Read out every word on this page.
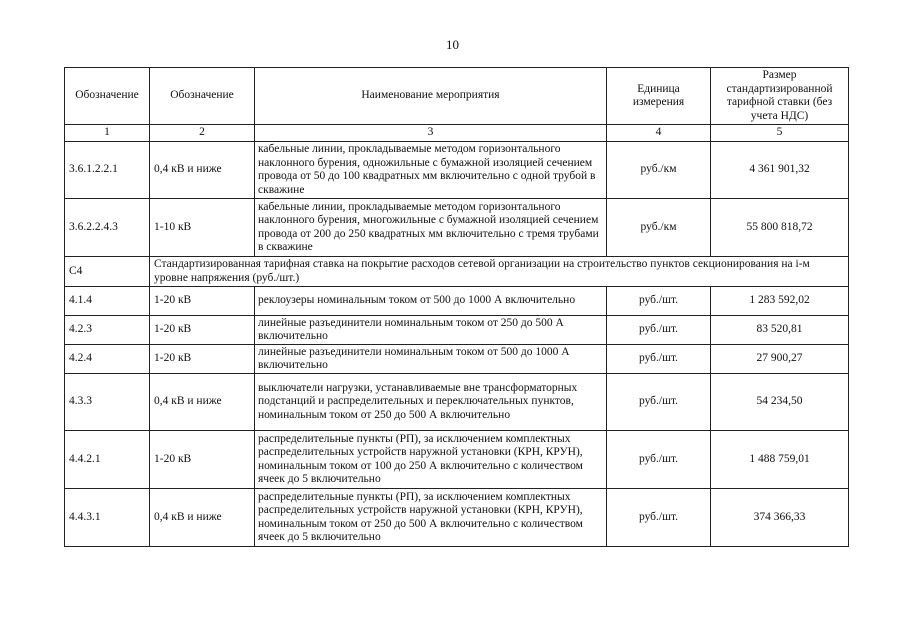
10
Обозначение	Обозначение	Наименование мероприятия	Единица измерения	Размер стандартизированной тарифной ставки (без учета НДС)
1	2	3	4	5
3.6.1.2.2.1	0,4 кВ и ниже	кабельные линии, прокладываемые методом горизонтального наклонного бурения, одножильные с бумажной изоляцией сечением провода от 50 до 100 квадратных мм включительно с одной трубой в скважине	руб./км	4 361 901,32
3.6.2.2.4.3	1-10 кВ	кабельные линии, прокладываемые методом горизонтального наклонного бурения, многожильные с бумажной изоляцией сечением провода от 200 до 250 квадратных мм включительно с тремя трубами в скважине	руб./км	55 800 818,72
С4	Стандартизированная тарифная ставка на покрытие расходов сетевой организации на строительство пунктов секционирования на i-м уровне напряжения (руб./шт.)			
4.1.4	1-20 кВ	реклоузеры номинальным током от 500 до 1000 А включительно	руб./шт.	1 283 592,02
4.2.3	1-20 кВ	линейные разъединители номинальным током от 250 до 500 А включительно	руб./шт.	83 520,81
4.2.4	1-20 кВ	линейные разъединители номинальным током от 500 до 1000 А включительно	руб./шт.	27 900,27
4.3.3	0,4 кВ и ниже	выключатели нагрузки, устанавливаемые вне трансформаторных подстанций и распределительных и переключательных пунктов, номинальным током от 250 до 500 А включительно	руб./шт.	54 234,50
4.4.2.1	1-20 кВ	распределительные пункты (РП), за исключением комплектных распределительных устройств наружной установки (КРН, КРУН), номинальным током от 100 до 250 А включительно с количеством ячеек до 5 включительно	руб./шт.	1 488 759,01
4.4.3.1	0,4 кВ и ниже	распределительные пункты (РП), за исключением комплектных распределительных устройств наружной установки (КРН, КРУН), номинальным током от 250 до 500 А включительно с количеством ячеек до 5 включительно	руб./шт.	374 366,33
